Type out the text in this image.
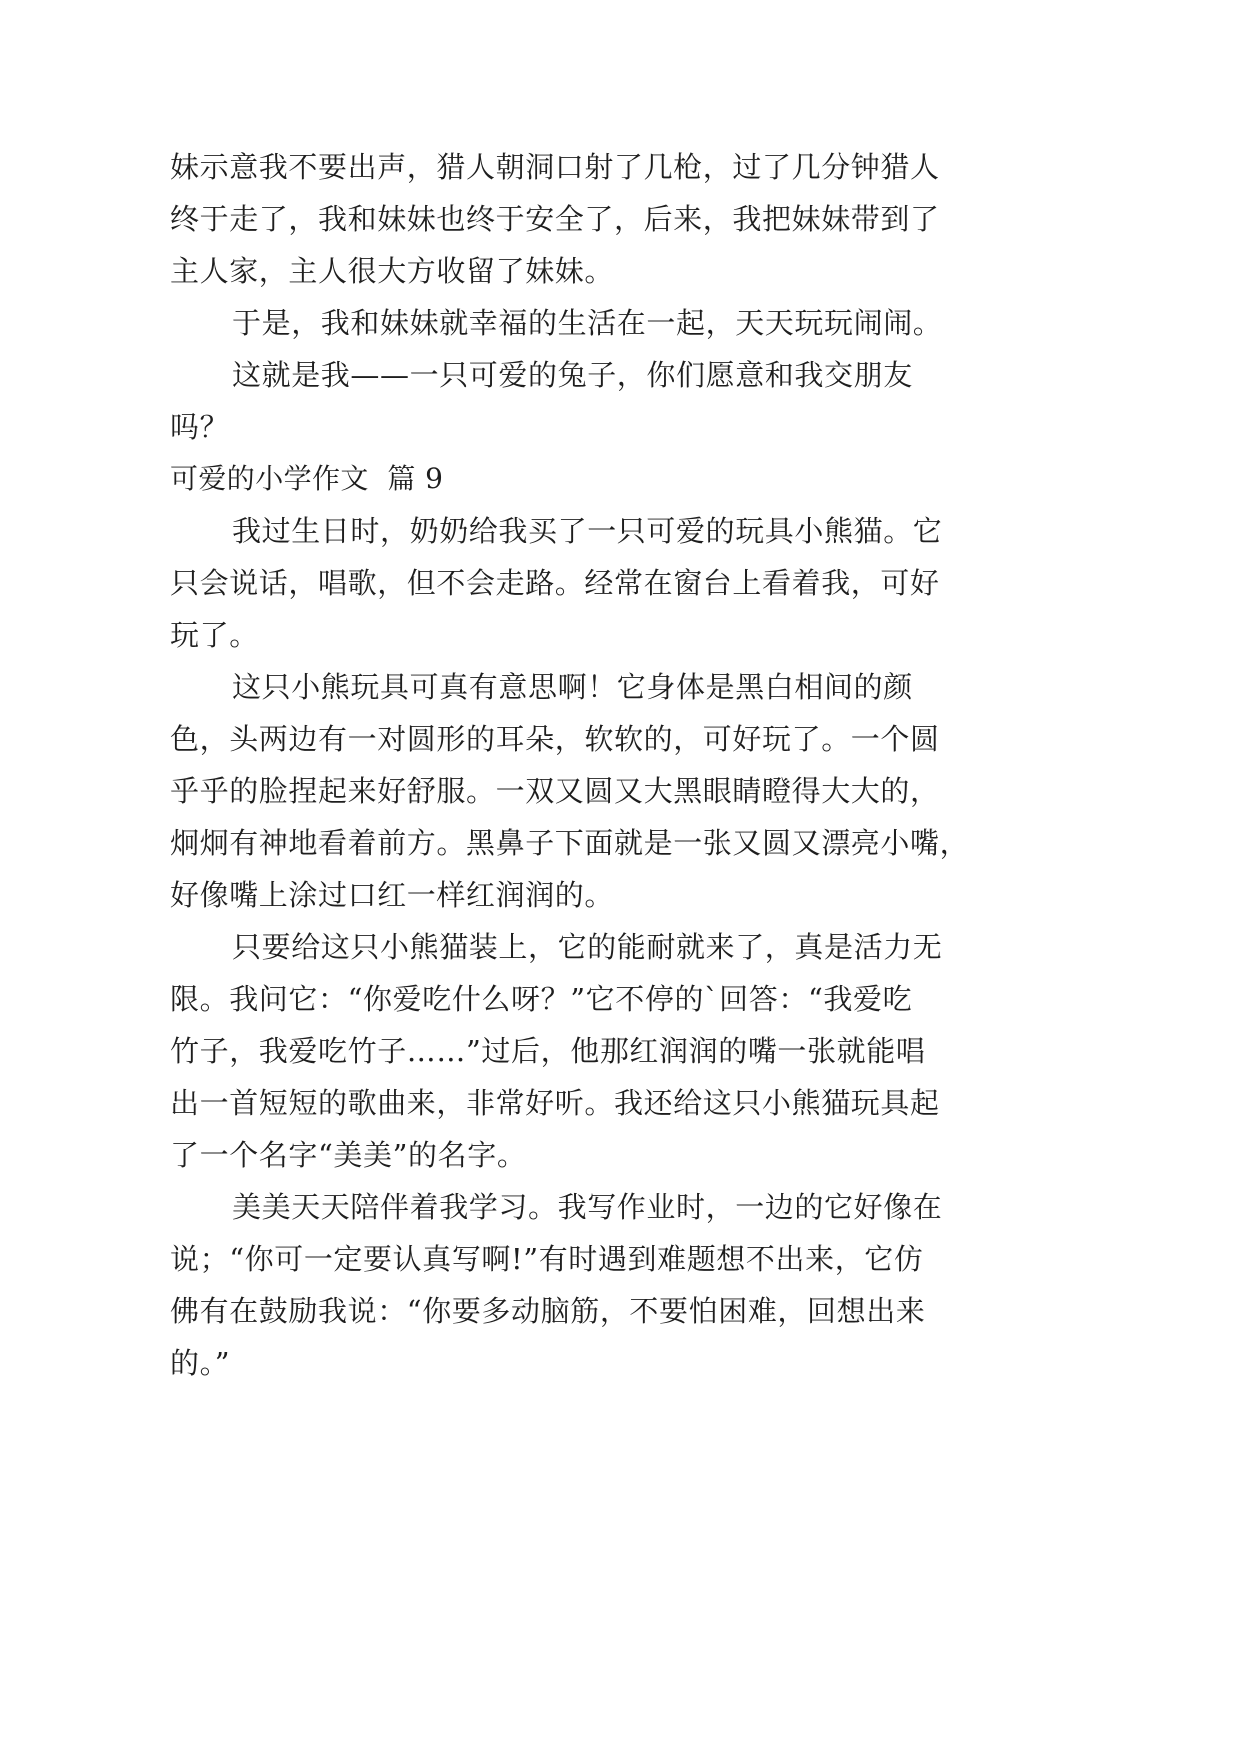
妹示意我不要出声，猎人朝洞口射了几枪，过了几分钟猎人
终于走了，我和妹妹也终于安全了，后来，我把妹妹带到了
主人家，主人很大方收留了妹妹。
于是，我和妹妹就幸福的生活在一起，天天玩玩闹闹。
这就是我——一只可爱的兔子，你们愿意和我交朋友
吗？
可爱的小学作文  篇 9
我过生日时，奶奶给我买了一只可爱的玩具小熊猫。它
只会说话，唱歌，但不会走路。经常在窗台上看着我，可好
玩了。
这只小熊玩具可真有意思啊！它身体是黑白相间的颜
色，头两边有一对圆形的耳朵，软软的，可好玩了。一个圆
乎乎的脸捏起来好舒服。一双又圆又大黑眼睛瞪得大大的，
炯炯有神地看着前方。黑鼻子下面就是一张又圆又漂亮小嘴，
好像嘴上涂过口红一样红润润的。
只要给这只小熊猫装上，它的能耐就来了，真是活力无
限。我问它：“你爱吃什么呀？”它不停的`回答：“我爱吃
竹子，我爱吃竹子……”过后，他那红润润的嘴一张就能唱
出一首短短的歌曲来，非常好听。我还给这只小熊猫玩具起
了一个名字“美美”的名字。
美美天天陪伴着我学习。我写作业时，一边的它好像在
说；“你可一定要认真写啊!”有时遇到难题想不出来，它仿
佛有在鼓励我说：“你要多动脑筋，不要怕困难，回想出来
的。”
